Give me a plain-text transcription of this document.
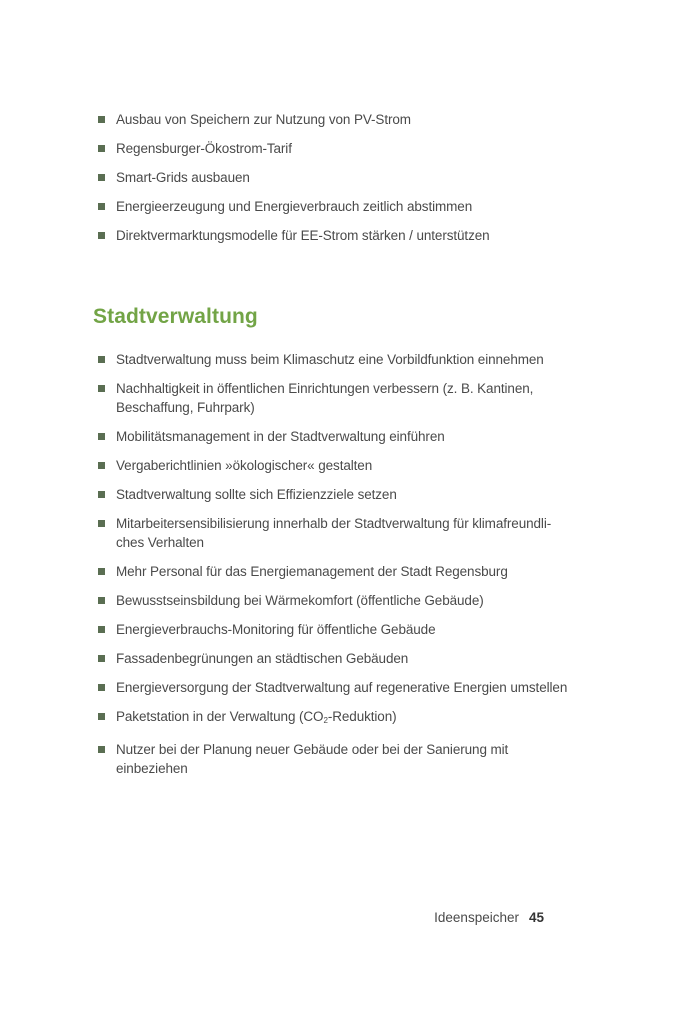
Ausbau von Speichern zur Nutzung von PV-Strom
Regensburger-Ökostrom-Tarif
Smart-Grids ausbauen
Energieerzeugung und Energieverbrauch zeitlich abstimmen
Direktvermarktungsmodelle für EE-Strom stärken / unterstützen
Stadtverwaltung
Stadtverwaltung muss beim Klimaschutz eine Vorbildfunktion einnehmen
Nachhaltigkeit in öffentlichen Einrichtungen verbessern (z. B. Kantinen, Beschaffung, Fuhrpark)
Mobilitätsmanagement in der Stadtverwaltung einführen
Vergaberichtlinien »ökologischer« gestalten
Stadtverwaltung sollte sich Effizienzziele setzen
Mitarbeitersensibilisierung innerhalb der Stadtverwaltung für klimafreundliches Verhalten
Mehr Personal für das Energiemanagement der Stadt Regensburg
Bewusstseinsbildung bei Wärmekomfort (öffentliche Gebäude)
Energieverbrauchs-Monitoring für öffentliche Gebäude
Fassadenbegrünungen an städtischen Gebäuden
Energieversorgung der Stadtverwaltung auf regenerative Energien umstellen
Paketstation in der Verwaltung $(CO_2-Reduktion)$
Nutzer bei der Planung neuer Gebäude oder bei der Sanierung mit einbeziehen
Ideenspeicher 45
